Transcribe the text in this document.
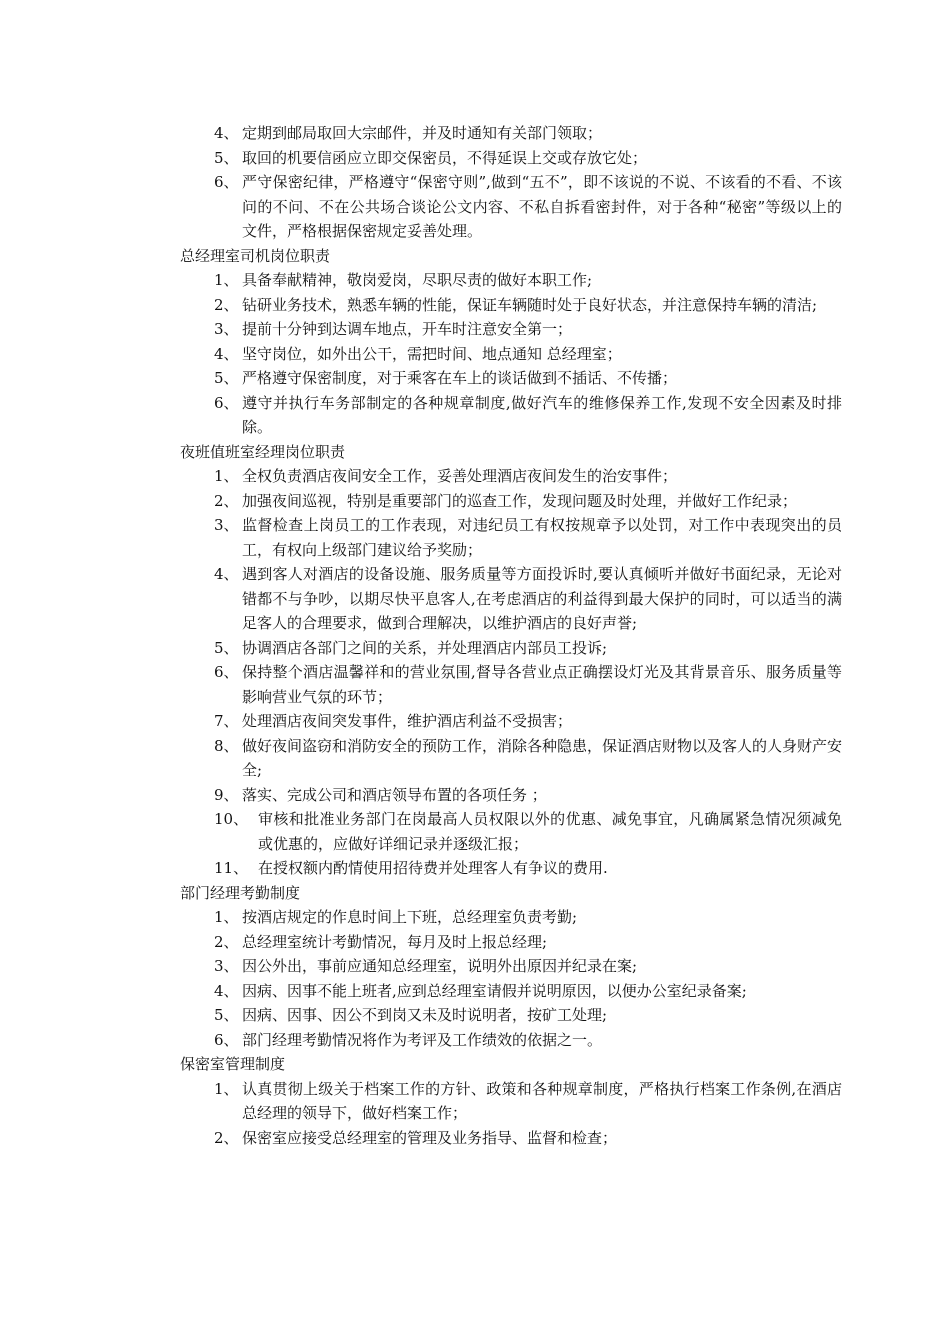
4、 定期到邮局取回大宗邮件，并及时通知有关部门领取；
5、 取回的机要信函应立即交保密员，不得延误上交或存放它处；
6、 严守保密纪律，严格遵守“保密守则”,做到“五不”，即不该说的不说、不该看的不看、不该问的不问、不在公共场合谈论公文内容、不私自拆看密封件，对于各种“秘密”等级以上的文件，严格根据保密规定妥善处理。
总经理室司机岗位职责
1、 具备奉献精神，敬岗爱岗，尽职尽责的做好本职工作;
2、 钻研业务技术，熟悉车辆的性能，保证车辆随时处于良好状态，并注意保持车辆的清洁;
3、 提前十分钟到达调车地点，开车时注意安全第一；
4、 坚守岗位，如外出公干，需把时间、地点通知 总经理室；
5、 严格遵守保密制度，对于乘客在车上的谈话做到不插话、不传播；
6、 遵守并执行车务部制定的各种规章制度,做好汽车的维修保养工作,发现不安全因素及时排除。
夜班值班室经理岗位职责
1、 全权负责酒店夜间安全工作，妥善处理酒店夜间发生的治安事件；
2、 加强夜间巡视，特别是重要部门的巡查工作，发现问题及时处理，并做好工作纪录；
3、 监督检查上岗员工的工作表现，对违纪员工有权按规章予以处罚，对工作中表现突出的员工，有权向上级部门建议给予奖励；
4、 遇到客人对酒店的设备设施、服务质量等方面投诉时,要认真倾听并做好书面纪录，无论对错都不与争吵，以期尽快平息客人,在考虑酒店的利益得到最大保护的同时，可以适当的满足客人的合理要求，做到合理解决，以维护酒店的良好声誉;
5、 协调酒店各部门之间的关系，并处理酒店内部员工投诉;
6、 保持整个酒店温馨祥和的营业氛围,督导各营业点正确摆设灯光及其背景音乐、服务质量等影响营业气氛的环节；
7、 处理酒店夜间突发事件，维护酒店利益不受损害；
8、 做好夜间盗窃和消防安全的预防工作，消除各种隐患，保证酒店财物以及客人的人身财产安全;
9、 落实、完成公司和酒店领导布置的各项任务 ；
10、 审核和批准业务部门在岗最高人员权限以外的优惠、减免事宜，凡确属紧急情况须减免或优惠的，应做好详细记录并逐级汇报；
11、 在授权额内酌情使用招待费并处理客人有争议的费用.
部门经理考勤制度
1、 按酒店规定的作息时间上下班，总经理室负责考勤;
2、 总经理室统计考勤情况，每月及时上报总经理;
3、 因公外出，事前应通知总经理室，说明外出原因并纪录在案;
4、 因病、因事不能上班者,应到总经理室请假并说明原因，以便办公室纪录备案;
5、 因病、因事、因公不到岗又未及时说明者，按矿工处理;
6、 部门经理考勤情况将作为考评及工作绩效的依据之一。
保密室管理制度
1、 认真贯彻上级关于档案工作的方针、政策和各种规章制度，严格执行档案工作条例,在酒店总经理的领导下，做好档案工作；
2、 保密室应接受总经理室的管理及业务指导、监督和检查；
